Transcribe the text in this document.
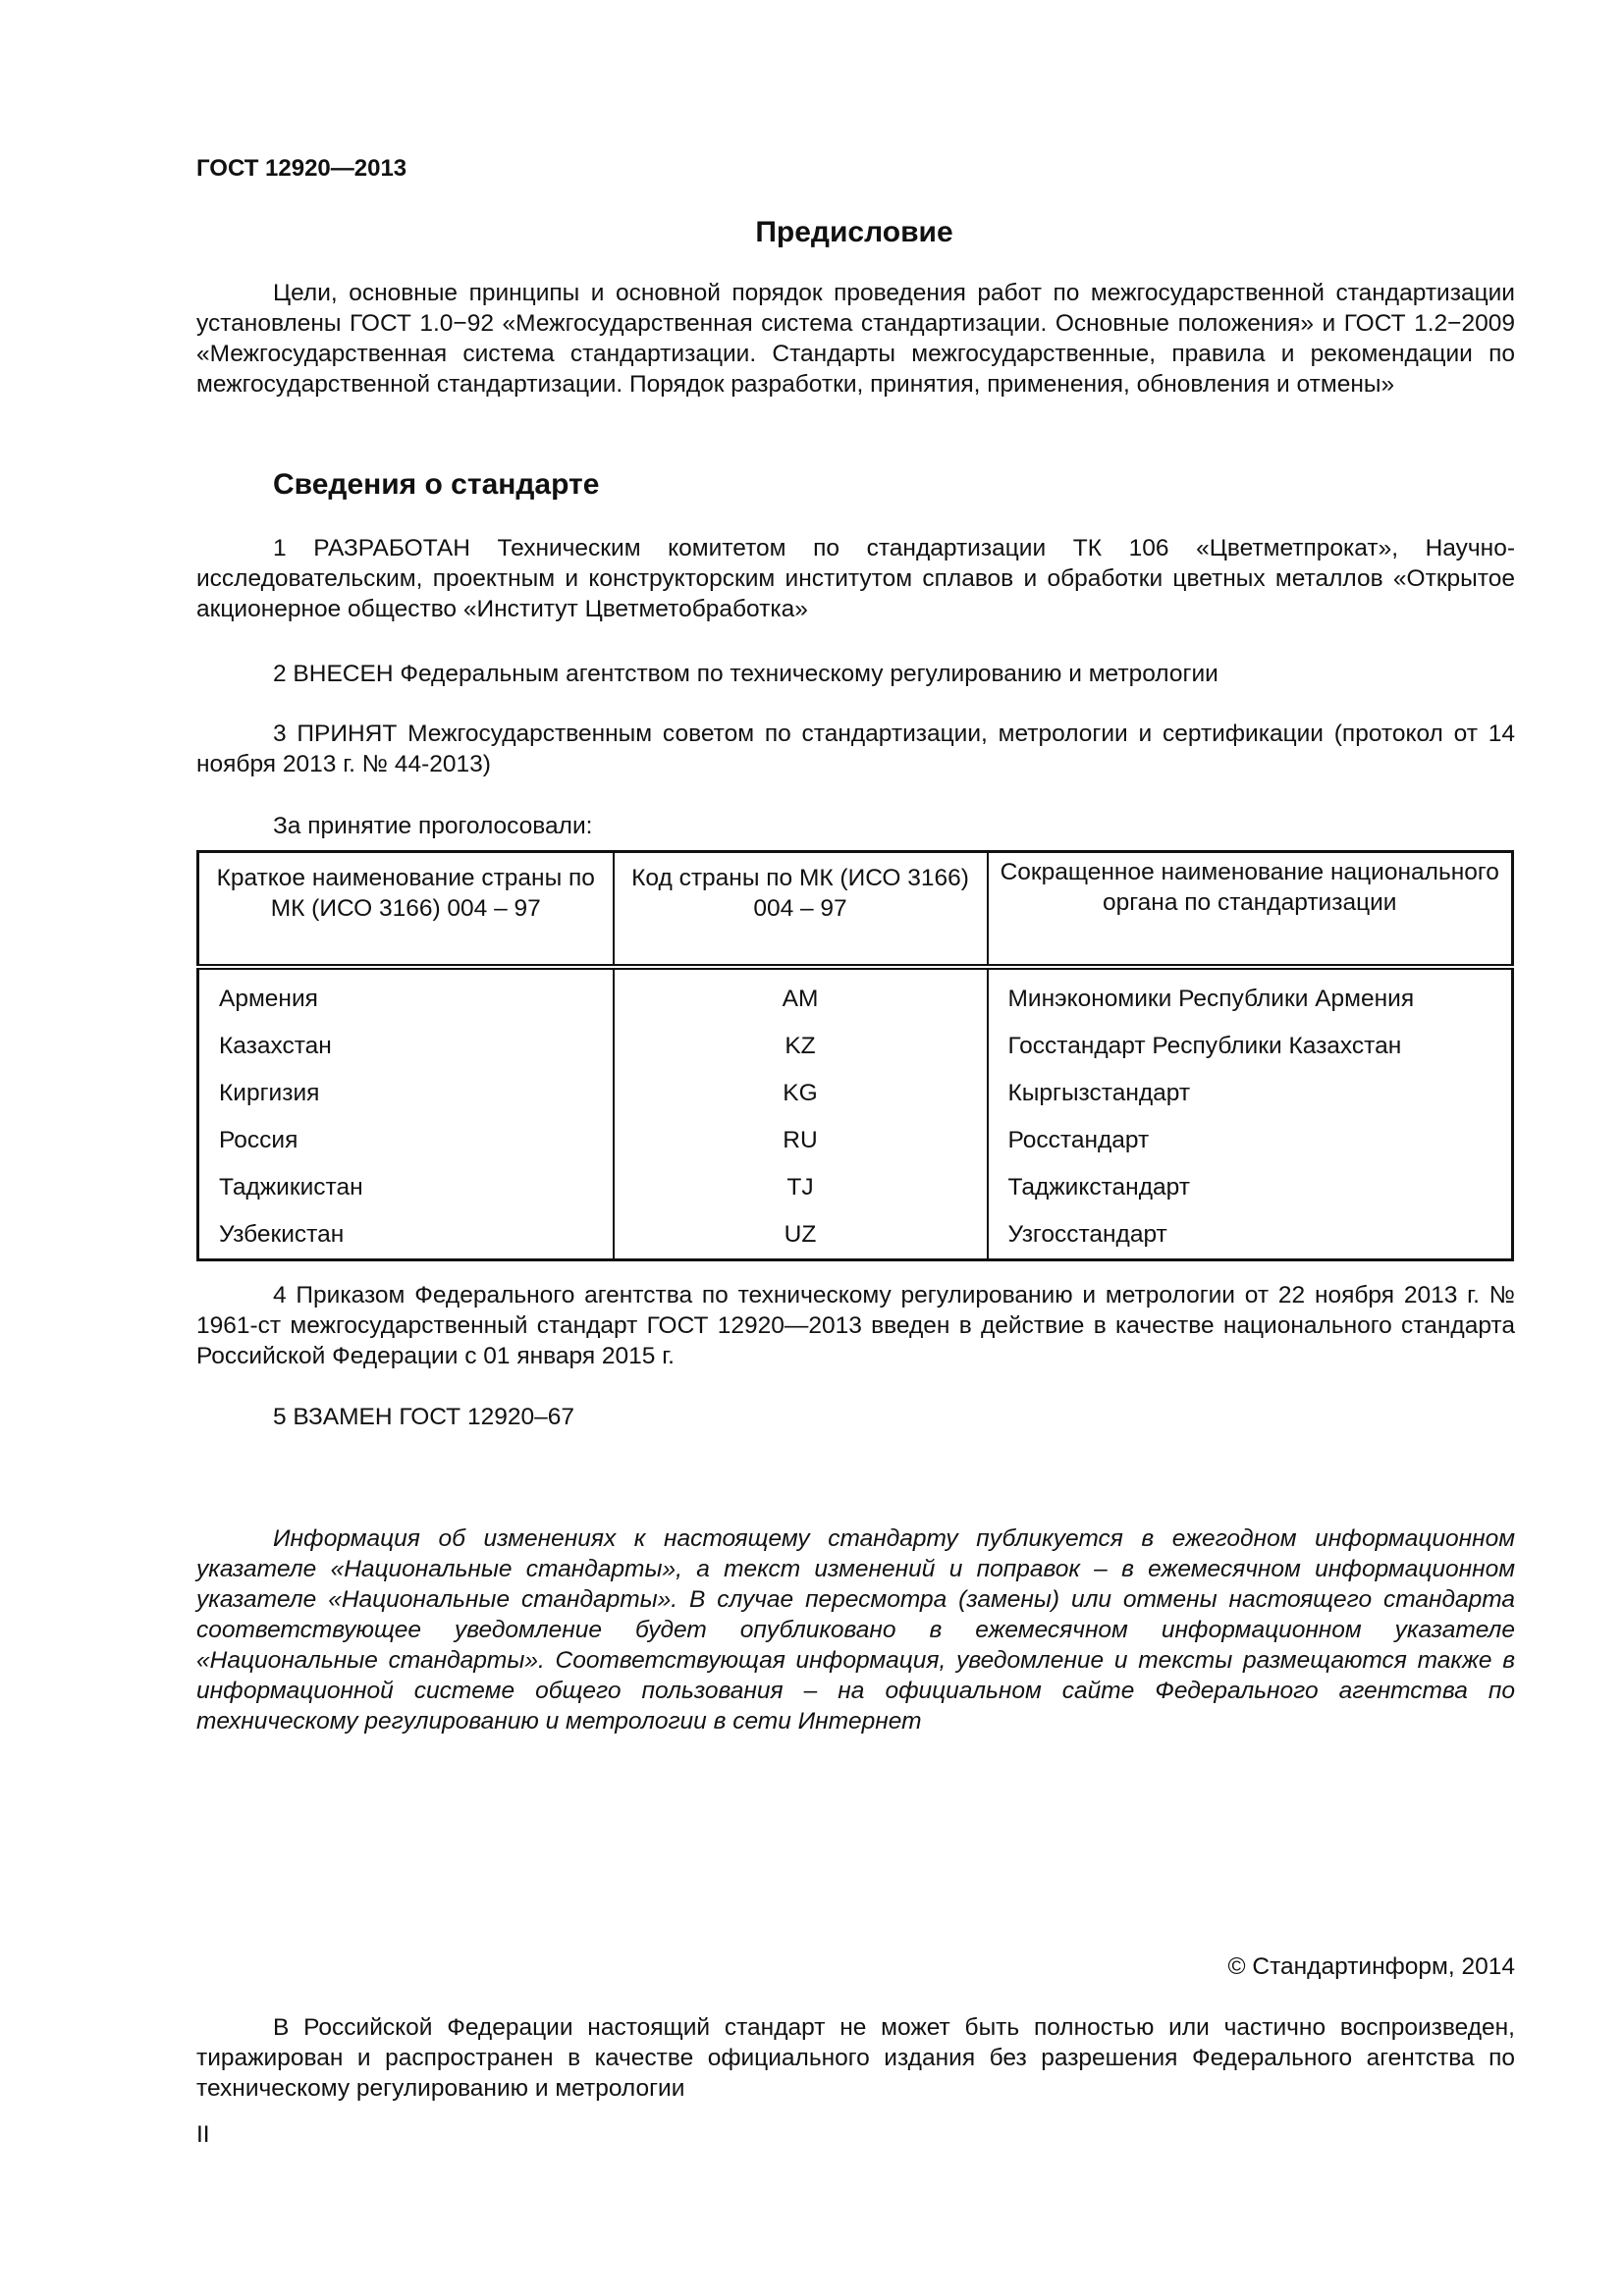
ГОСТ 12920—2013
Предисловие

Цели, основные принципы и основной порядок проведения работ по межгосударственной стандартизации установлены ГОСТ 1.0−92 «Межгосударственная система стандартизации. Основные положения» и ГОСТ 1.2−2009 «Межгосударственная система стандартизации. Стандарты межгосударственные, правила и рекомендации по межгосударственной стандартизации. Порядок разработки, принятия, применения, обновления и отмены»

Сведения о стандарте

1 РАЗРАБОТАН Техническим комитетом по стандартизации ТК 106 «Цветметпрокат», Научно-исследовательским, проектным и конструкторским институтом сплавов и обработки цветных металлов «Открытое акционерное общество «Институт Цветметобработка»

2 ВНЕСЕН Федеральным агентством по техническому регулированию и метрологии

3 ПРИНЯТ Межгосударственным советом по стандартизации, метрологии и сертификации (протокол от 14 ноября 2013 г. № 44-2013)

За принятие проголосовали:

Краткое наименование страны по МК (ИСО 3166) 004 – 97	Код страны по МК (ИСО 3166) 004 – 97	Сокращенное наименование национального органа по стандартизации
Армения	AM	Минэкономики Республики Армения
Казахстан	KZ	Госстандарт Республики Казахстан
Киргизия	KG	Кыргызстандарт
Россия	RU	Росстандарт
Таджикистан	TJ	Таджикстандарт
Узбекистан	UZ	Узгосстандарт

4 Приказом Федерального агентства по техническому регулированию и метрологии от 22 ноября 2013 г. № 1961-ст межгосударственный стандарт ГОСТ 12920—2013 введен в действие в качестве национального стандарта Российской Федерации с 01 января 2015 г.

5 ВЗАМЕН ГОСТ 12920–67

Информация об изменениях к настоящему стандарту публикуется в ежегодном информационном указателе «Национальные стандарты», а текст изменений и поправок – в ежемесячном информационном указателе «Национальные стандарты». В случае пересмотра (замены) или отмены настоящего стандарта соответствующее уведомление будет опубликовано в ежемесячном информационном указателе «Национальные стандарты». Соответствующая информация, уведомление и тексты размещаются также в информационной системе общего пользования – на официальном сайте Федерального агентства по техническому регулированию и метрологии в сети Интернет

© Стандартинформ, 2014

В Российской Федерации настоящий стандарт не может быть полностью или частично воспроизведен, тиражирован и распространен в качестве официального издания без разрешения Федерального агентства по техническому регулированию и метрологии

II
